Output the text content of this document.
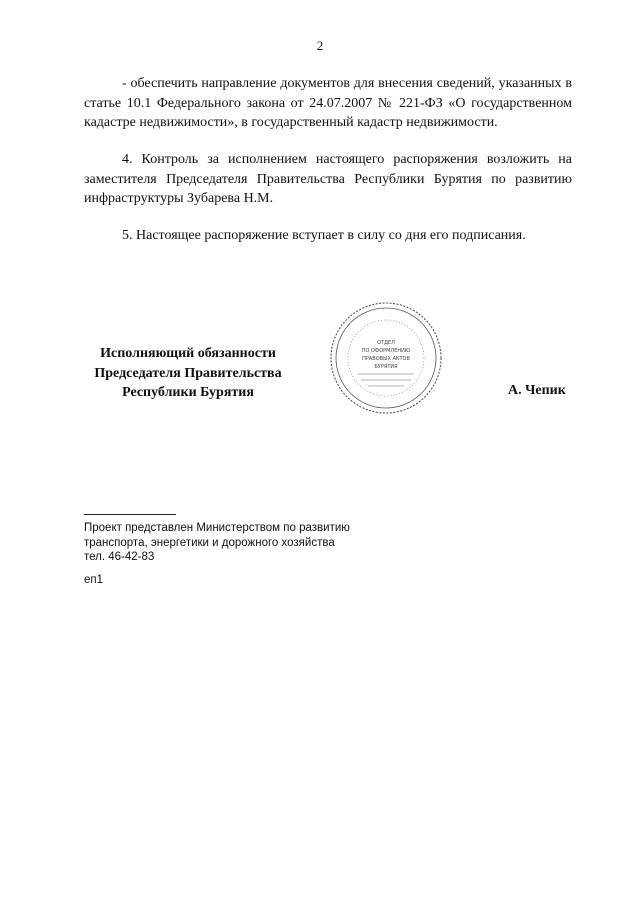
2

- обеспечить направление документов для внесения сведений, указанных в статье 10.1 Федерального закона от 24.07.2007 № 221-ФЗ «О государственном кадастре недвижимости», в государственный кадастр недвижимости.

4. Контроль за исполнением настоящего распоряжения возложить на заместителя Председателя Правительства Республики Бурятия по развитию инфраструктуры Зубарева Н.М.

5. Настоящее распоряжение вступает в силу со дня его подписания.

Исполняющий обязанности
Председателя Правительства
Республики Бурятия
ОТДЕЛ
ПО ОФОРМЛЕНИЮ
ПРАВОВЫХ АКТОВ
БУРЯТИЯ
А. Чепик
Проект представлен Министерством по развитию
транспорта, энергетики и дорожного хозяйства
тел. 46-42-83
еп1
